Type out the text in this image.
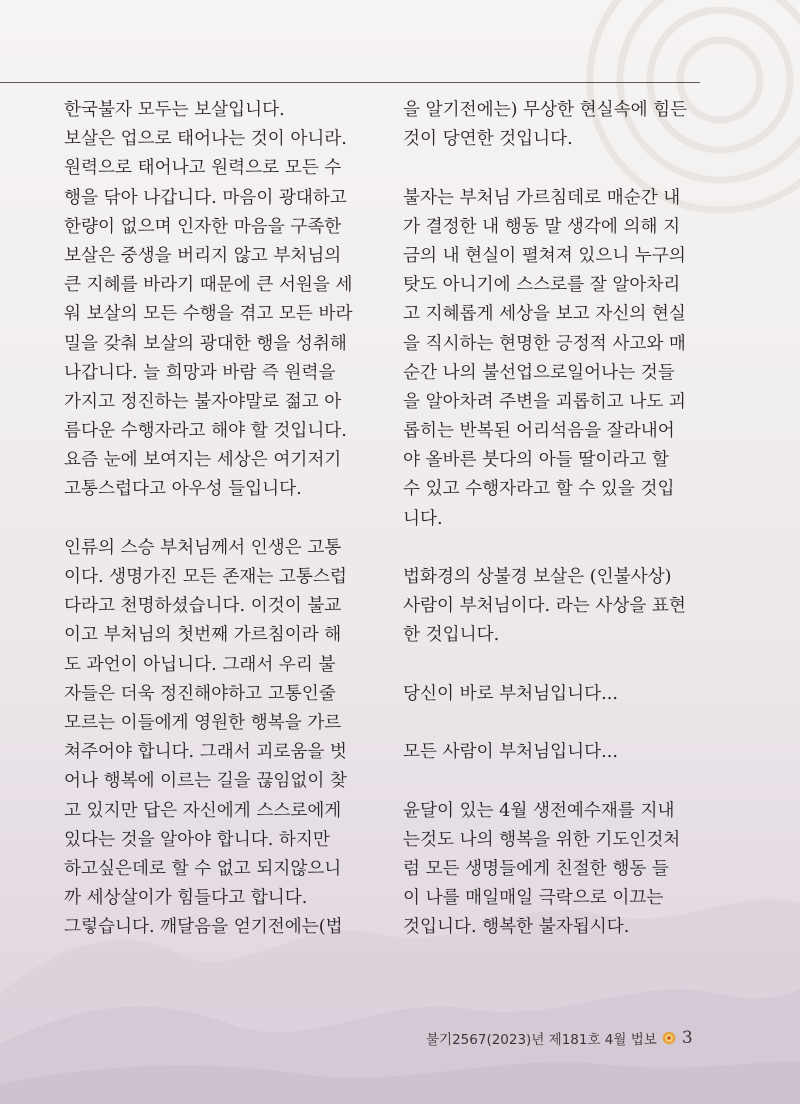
한국불자 모두는 보살입니다.
보살은 업으로 태어나는 것이 아니라.
원력으로 태어나고 원력으로 모든 수
행을 닦아 나갑니다. 마음이 광대하고
한량이 없으며 인자한 마음을 구족한
보살은 중생을 버리지 않고 부처님의
큰 지혜를 바라기 때문에 큰 서원을 세
워 보살의 모든 수행을 겪고 모든 바라
밀을 갖춰 보살의 광대한 행을 성취해
나갑니다. 늘 희망과 바람 즉 원력을
가지고 정진하는 불자야말로 젊고 아
름다운 수행자라고 해야 할 것입니다.
요즘 눈에 보여지는 세상은 여기저기
고통스럽다고 아우성 들입니다.
인류의 스승 부처님께서 인생은 고통
이다. 생명가진 모든 존재는 고통스럽
다라고 천명하셨습니다. 이것이 불교
이고 부처님의 첫번째 가르침이라 해
도 과언이 아닙니다. 그래서 우리 불
자들은 더욱 정진해야하고 고통인줄
모르는 이들에게 영원한 행복을 가르
쳐주어야 합니다. 그래서 괴로움을 벗
어나 행복에 이르는 길을 끊임없이 찾
고 있지만 답은 자신에게 스스로에게
있다는 것을 알아야 합니다. 하지만
하고싶은데로 할 수 없고 되지않으니
까 세상살이가 힘들다고 합니다.
그렇습니다. 깨달음을 얻기전에는(법
을 알기전에는) 무상한 현실속에 힘든
것이 당연한 것입니다.
불자는 부처님 가르침데로 매순간 내
가 결정한 내 행동 말 생각에 의해 지
금의 내 현실이 펼쳐져 있으니 누구의
탓도 아니기에 스스로를 잘 알아차리
고 지혜롭게 세상을 보고 자신의 현실
을 직시하는 현명한 긍정적 사고와 매
순간 나의 불선업으로일어나는 것들
을 알아차려 주변을 괴롭히고 나도 괴
롭히는 반복된 어리석음을 잘라내어
야 올바른 붓다의 아들 딸이라고 할
수 있고 수행자라고 할 수 있을 것입
니다.
법화경의 상불경 보살은 (인불사상)
사람이 부처님이다. 라는 사상을 표현
한 것입니다.
당신이 바로 부처님입니다...
모든 사람이 부처님입니다...
윤달이 있는 4월 생전예수재를 지내
는것도 나의 행복을 위한 기도인것처
럼 모든 생명들에게 친절한 행동 들
이 나를 매일매일 극락으로 이끄는
것입니다. 행복한 불자됩시다.
불기2567(2023)년 제181호 4월 법보 3
